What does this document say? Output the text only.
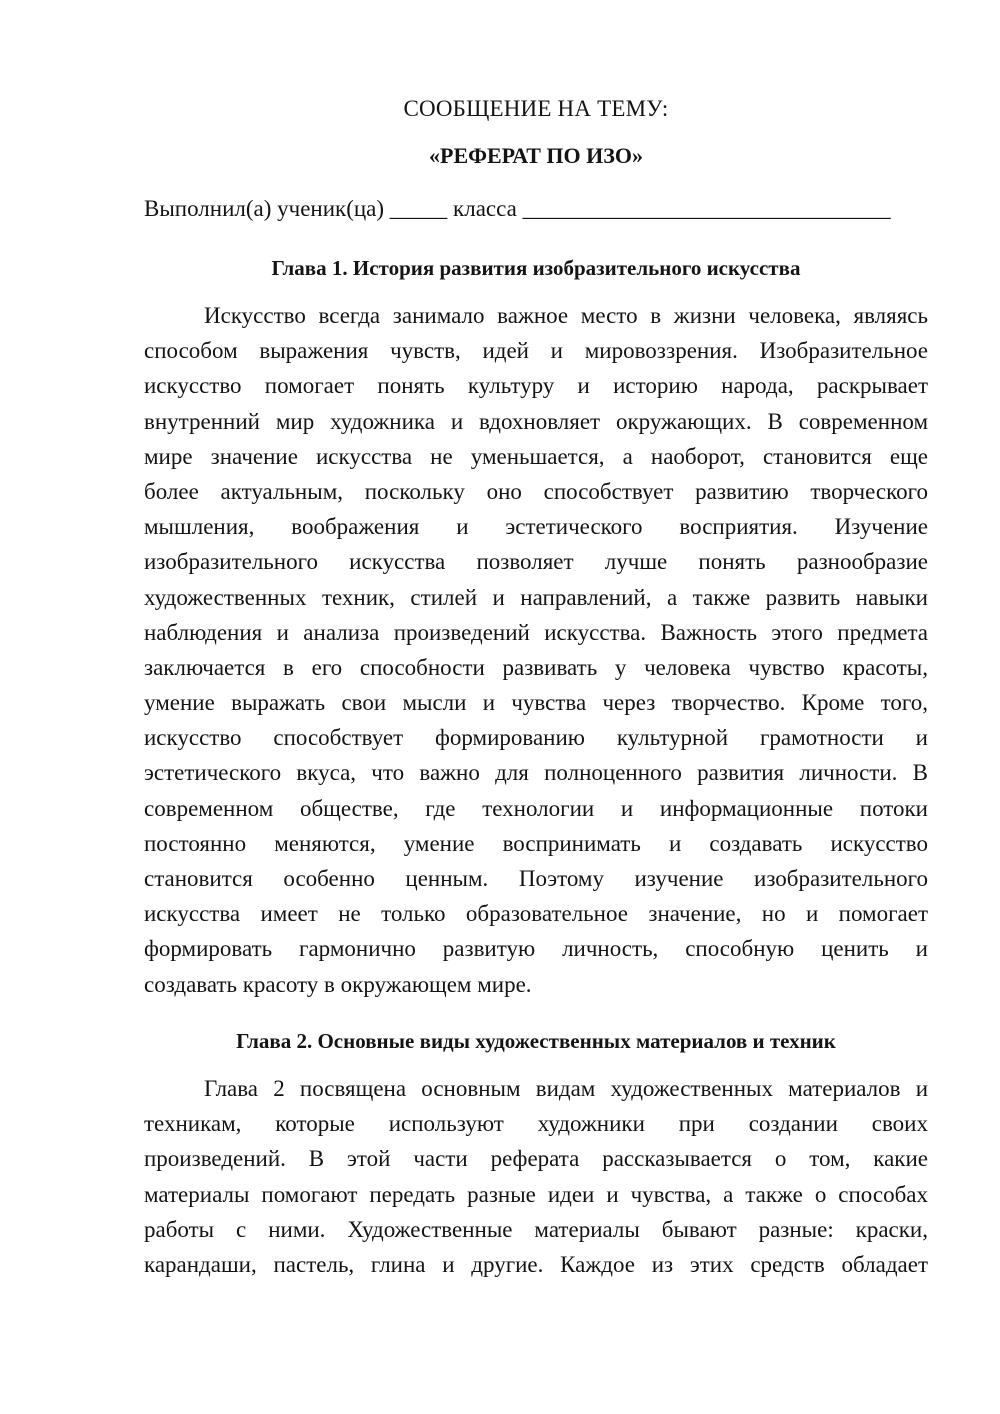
СООБЩЕНИЕ НА ТЕМУ:
«РЕФЕРАТ ПО ИЗО»
Выполнил(а) ученик(ца) _____ класса ________________________________
Глава 1. История развития изобразительного искусства
Искусство всегда занимало важное место в жизни человека, являясь
способом выражения чувств, идей и мировоззрения. Изобразительное
искусство помогает понять культуру и историю народа, раскрывает
внутренний мир художника и вдохновляет окружающих. В современном
мире значение искусства не уменьшается, а наоборот, становится еще
более актуальным, поскольку оно способствует развитию творческого
мышления, воображения и эстетического восприятия. Изучение
изобразительного искусства позволяет лучше понять разнообразие
художественных техник, стилей и направлений, а также развить навыки
наблюдения и анализа произведений искусства. Важность этого предмета
заключается в его способности развивать у человека чувство красоты,
умение выражать свои мысли и чувства через творчество. Кроме того,
искусство способствует формированию культурной грамотности и
эстетического вкуса, что важно для полноценного развития личности. В
современном обществе, где технологии и информационные потоки
постоянно меняются, умение воспринимать и создавать искусство
становится особенно ценным. Поэтому изучение изобразительного
искусства имеет не только образовательное значение, но и помогает
формировать гармонично развитую личность, способную ценить и
создавать красоту в окружающем мире.
Глава 2. Основные виды художественных материалов и техник
Глава 2 посвящена основным видам художественных материалов и
техникам, которые используют художники при создании своих
произведений. В этой части реферата рассказывается о том, какие
материалы помогают передать разные идеи и чувства, а также о способах
работы с ними. Художественные материалы бывают разные: краски,
карандаши, пастель, глина и другие. Каждое из этих средств обладает
